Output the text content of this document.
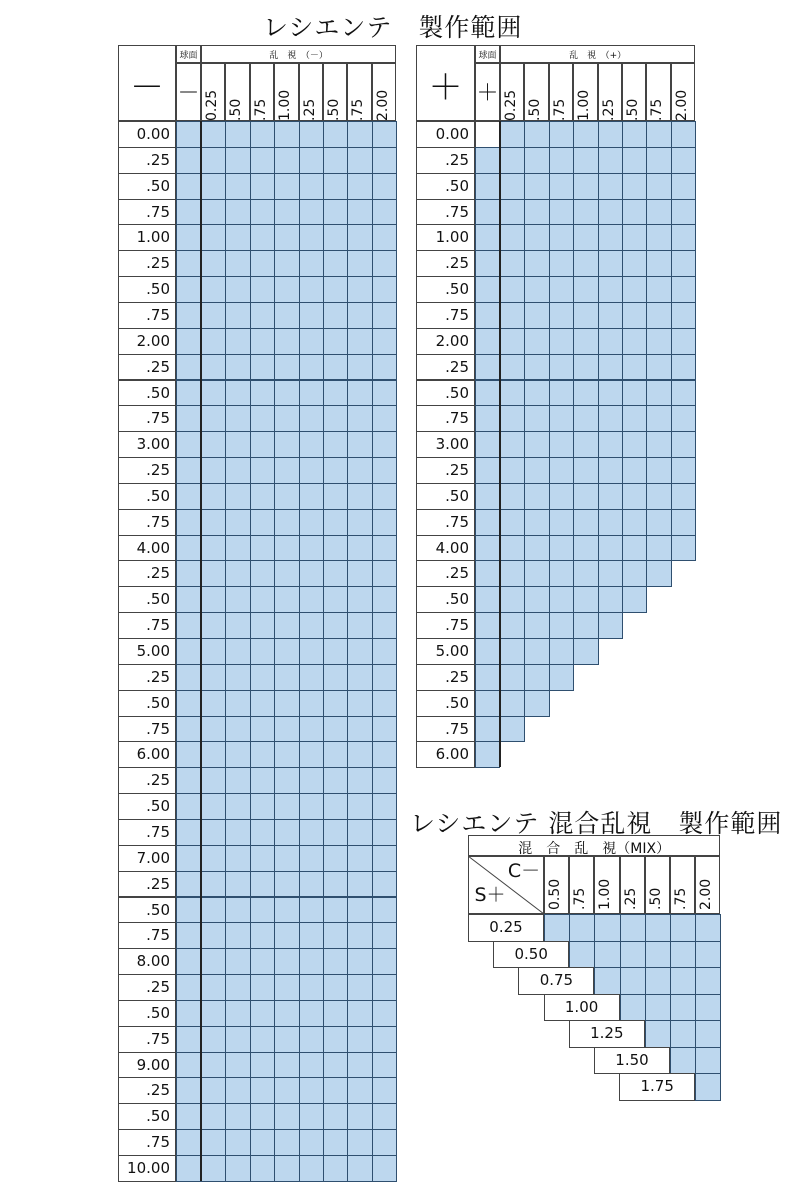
レシエンテ　製作範囲
－
球面
－
乱　視　（－）
0.25 .50 .75 1.00 .25 .50 .75 2.00
0.00
.25
.50
.75
1.00
.25
.50
.75
2.00
.25
.50
.75
3.00
.25
.50
.75
4.00
.25
.50
.75
5.00
.25
.50
.75
6.00
.25
.50
.75
7.00
.25
.50
.75
8.00
.25
.50
.75
9.00
.25
.50
.75
10.00
＋
球面
＋
乱　視　（+）
0.25 .50 .75 1.00 .25 .50 .75 2.00
0.00
.25
.50
.75
1.00
.25
.50
.75
2.00
.25
.50
.75
3.00
.25
.50
.75
4.00
.25
.50
.75
5.00
.25
.50
.75
6.00
レシエンテ 混合乱視　製作範囲
混　合　乱　視（MIX）
C－
S＋	0.50 .75 1.00 .25 .50 .75 2.00
0.25
0.50
0.75
1.00
1.25
1.50
1.75
